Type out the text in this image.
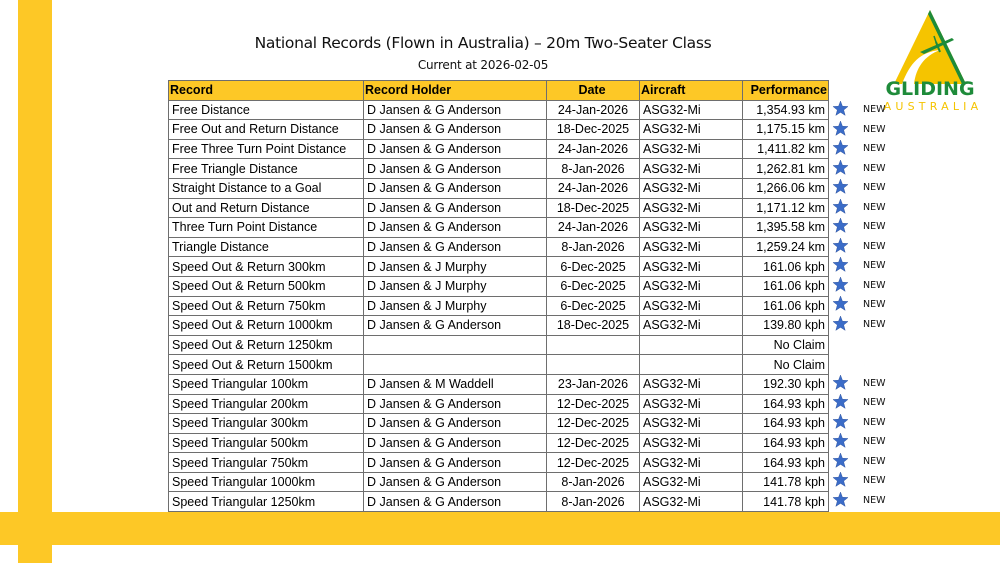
National Records (Flown in Australia) – 20m Two-Seater Class
Current at 2026-02-05
GLIDING
AUSTRALIA
Record	Record Holder	Date	Aircraft	Performance
Free Distance	D Jansen & G Anderson	24-Jan-2026	ASG32-Mi	1,354.93 km
Free Out and Return Distance	D Jansen & G Anderson	18-Dec-2025	ASG32-Mi	1,175.15 km
Free Three Turn Point Distance	D Jansen & G Anderson	24-Jan-2026	ASG32-Mi	1,411.82 km
Free Triangle Distance	D Jansen & G Anderson	8-Jan-2026	ASG32-Mi	1,262.81 km
Straight Distance to a Goal	D Jansen & G Anderson	24-Jan-2026	ASG32-Mi	1,266.06 km
Out and Return Distance	D Jansen & G Anderson	18-Dec-2025	ASG32-Mi	1,171.12 km
Three Turn Point Distance	D Jansen & G Anderson	24-Jan-2026	ASG32-Mi	1,395.58 km
Triangle Distance	D Jansen & G Anderson	8-Jan-2026	ASG32-Mi	1,259.24 km
Speed Out & Return 300km	D Jansen & J Murphy	6-Dec-2025	ASG32-Mi	161.06 kph
Speed Out & Return 500km	D Jansen & J Murphy	6-Dec-2025	ASG32-Mi	161.06 kph
Speed Out & Return 750km	D Jansen & J Murphy	6-Dec-2025	ASG32-Mi	161.06 kph
Speed Out & Return 1000km	D Jansen & G Anderson	18-Dec-2025	ASG32-Mi	139.80 kph
Speed Out & Return 1250km				No Claim
Speed Out & Return 1500km				No Claim
Speed Triangular 100km	D Jansen & M Waddell	23-Jan-2026	ASG32-Mi	192.30 kph
Speed Triangular 200km	D Jansen & G Anderson	12-Dec-2025	ASG32-Mi	164.93 kph
Speed Triangular 300km	D Jansen & G Anderson	12-Dec-2025	ASG32-Mi	164.93 kph
Speed Triangular 500km	D Jansen & G Anderson	12-Dec-2025	ASG32-Mi	164.93 kph
Speed Triangular 750km	D Jansen & G Anderson	12-Dec-2025	ASG32-Mi	164.93 kph
Speed Triangular 1000km	D Jansen & G Anderson	8-Jan-2026	ASG32-Mi	141.78 kph
Speed Triangular 1250km	D Jansen & G Anderson	8-Jan-2026	ASG32-Mi	141.78 kph
NEW
NEW
NEW
NEW
NEW
NEW
NEW
NEW
NEW
NEW
NEW
NEW
NEW
NEW
NEW
NEW
NEW
NEW
NEW
